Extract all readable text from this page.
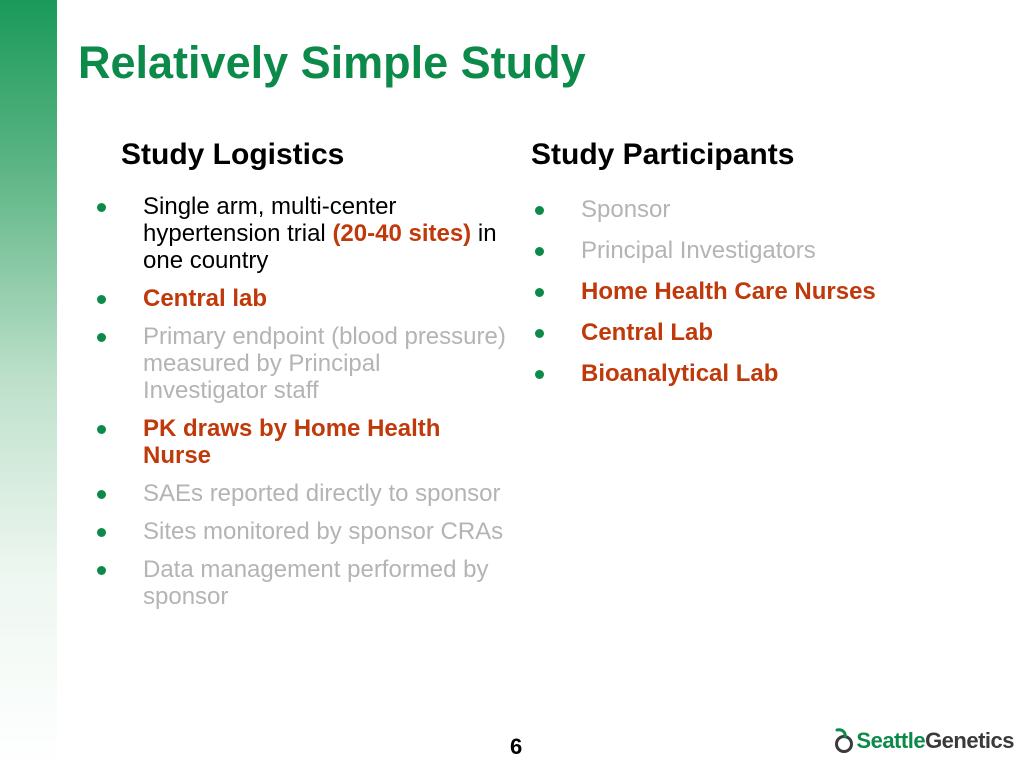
Relatively Simple Study
Study Logistics	Study Participants
Single arm, multi-center hypertension trial (20-40 sites) in one country
Central lab
Primary endpoint (blood pressure) measured by Principal Investigator staff
PK draws by Home Health Nurse
SAEs reported directly to sponsor
Sites monitored by sponsor CRAs
Data management performed by sponsor
Sponsor
Principal Investigators
Home Health Care Nurses
Central Lab
Bioanalytical Lab
6	Seattle Genetics
